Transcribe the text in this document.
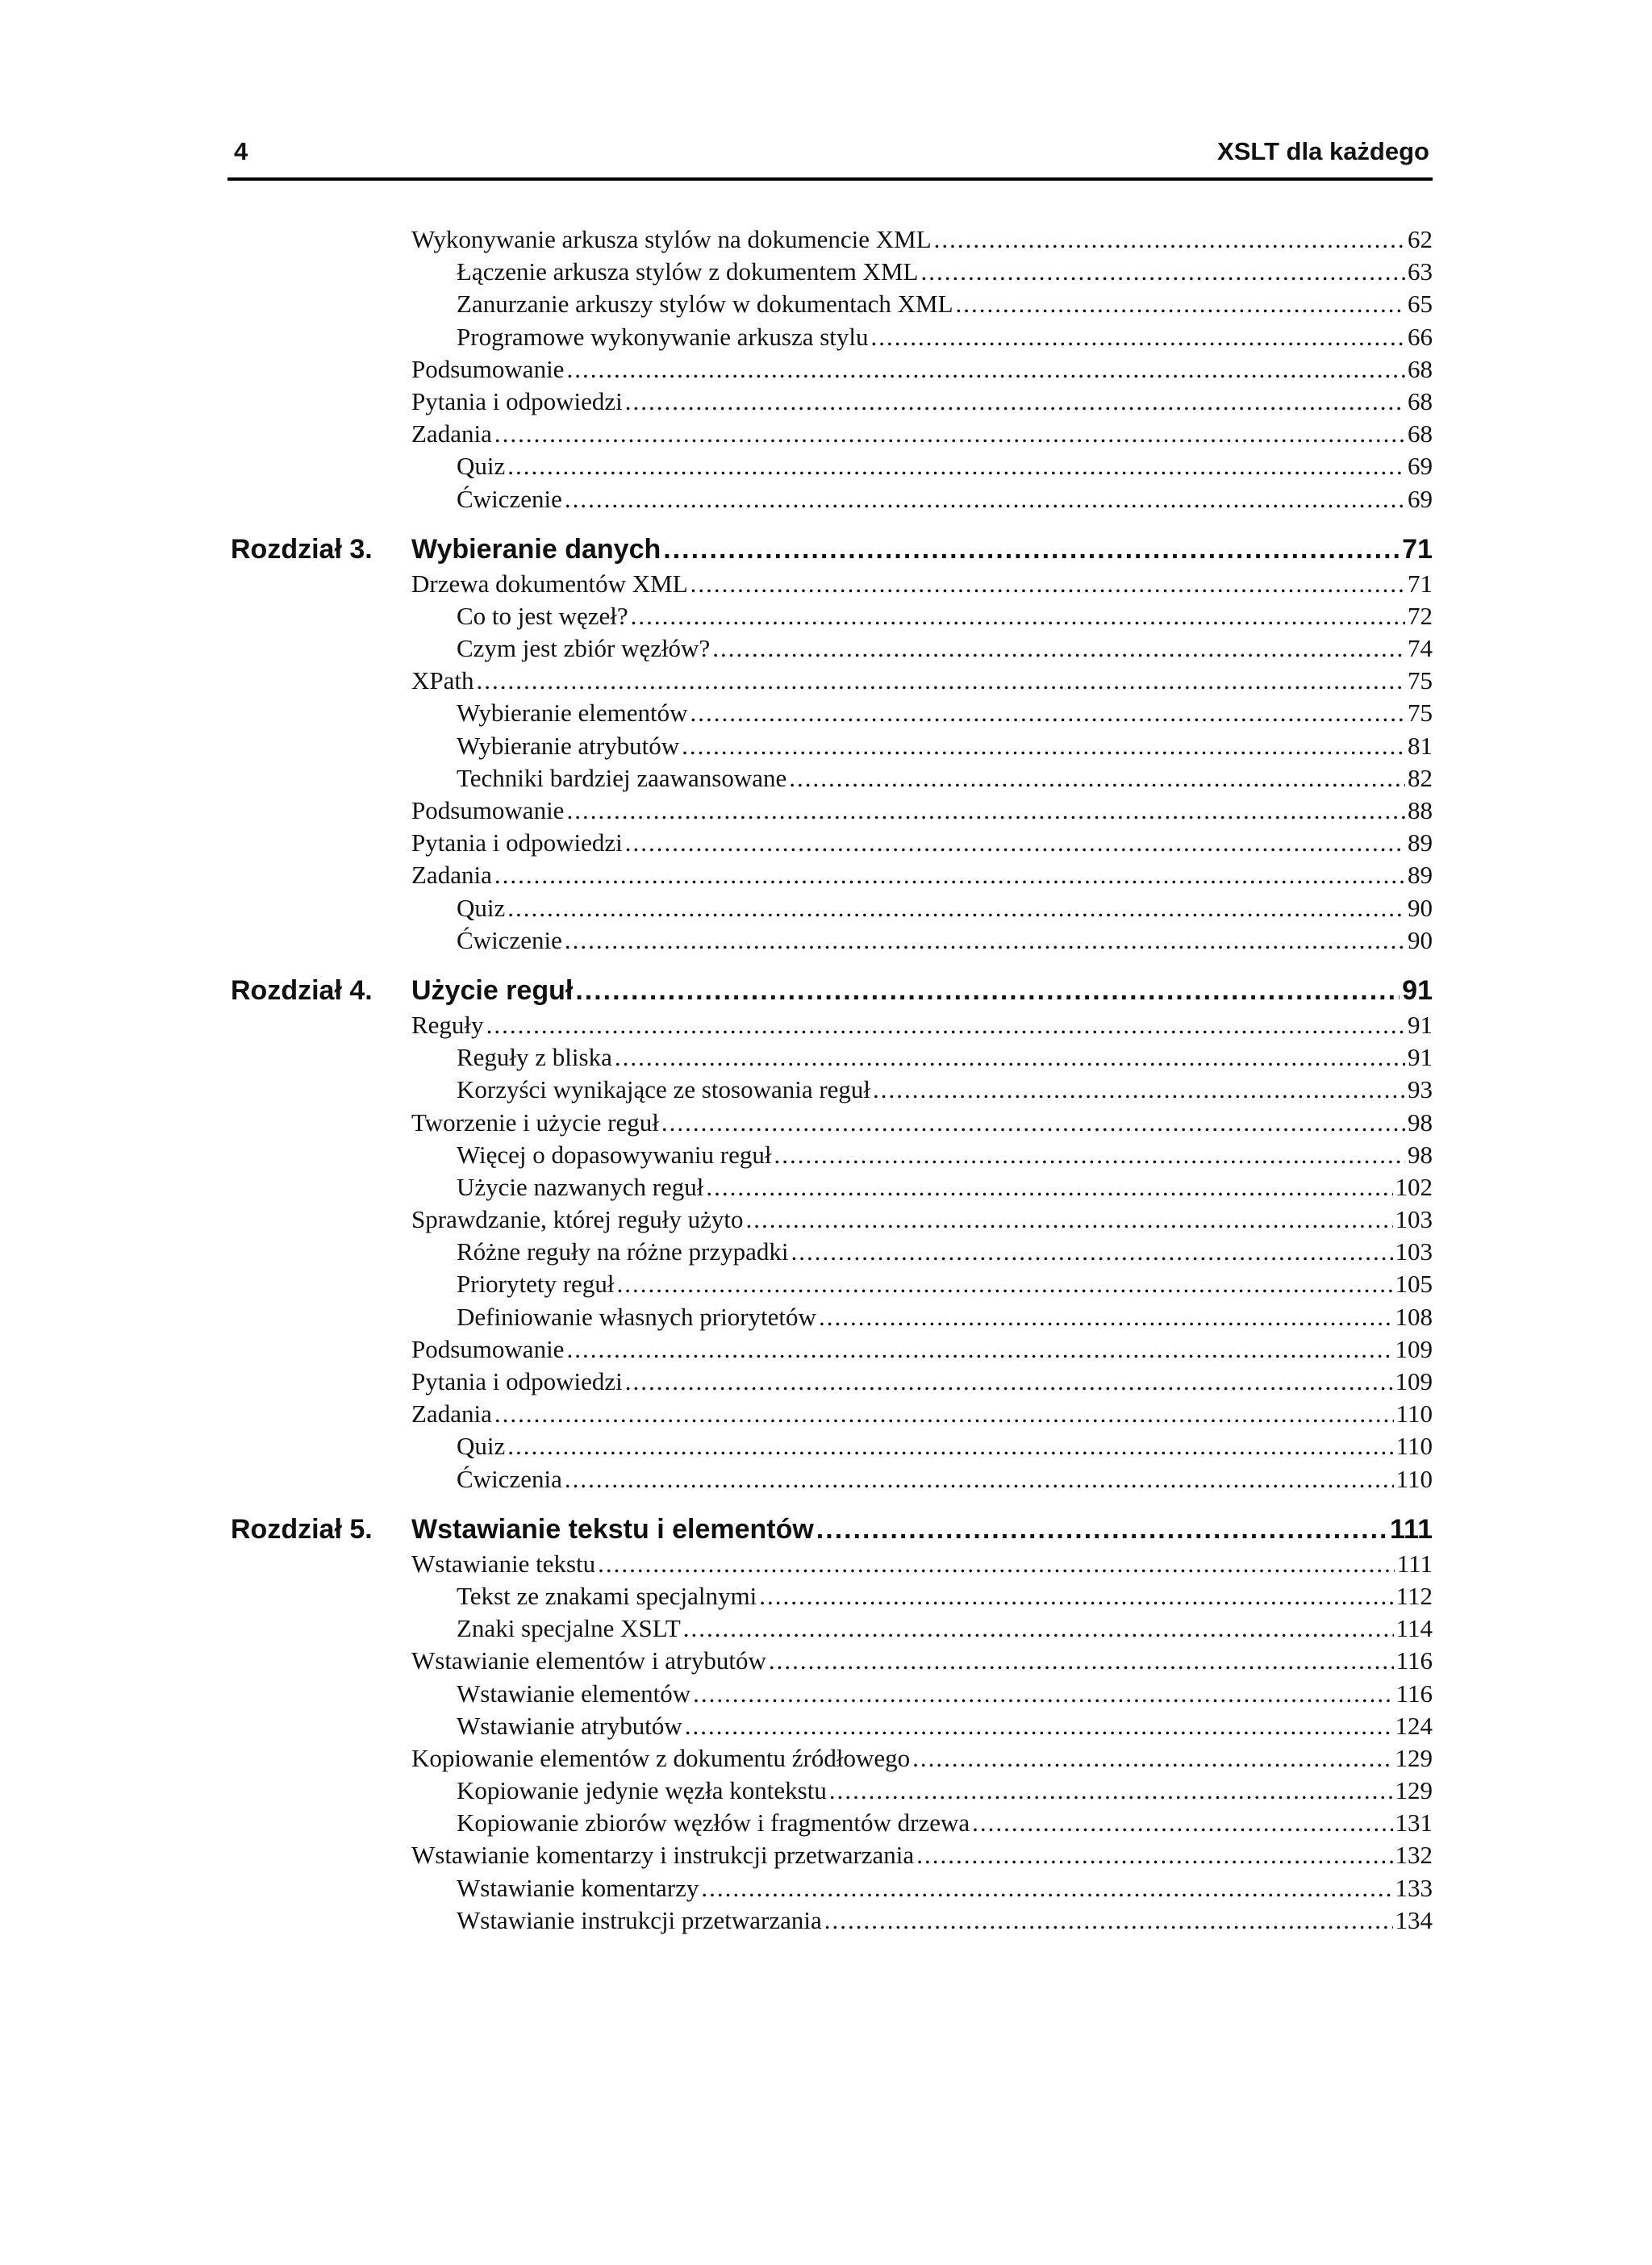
4	XSLT dla każdego
Wykonywanie arkusza stylów na dokumencie XML .....	62
Łączenie arkusza stylów z dokumentem XML .....	63
Zanurzanie arkuszy stylów w dokumentach XML .....	65
Programowe wykonywanie arkusza stylu .....	66
Podsumowanie .....	68
Pytania i odpowiedzi .....	68
Zadania .....	68
Quiz .....	69
Ćwiczenie .....	69
Rozdział 3. Wybieranie danych .....	71
Drzewa dokumentów XML .....	71
Co to jest węzeł? .....	72
Czym jest zbiór węzłów? .....	74
XPath .....	75
Wybieranie elementów .....	75
Wybieranie atrybutów .....	81
Techniki bardziej zaawansowane .....	82
Podsumowanie .....	88
Pytania i odpowiedzi .....	89
Zadania .....	89
Quiz .....	90
Ćwiczenie .....	90
Rozdział 4. Użycie reguł .....	91
Reguły .....	91
Reguły z bliska .....	91
Korzyści wynikające ze stosowania reguł .....	93
Tworzenie i użycie reguł .....	98
Więcej o dopasowywaniu reguł .....	98
Użycie nazwanych reguł .....	102
Sprawdzanie, której reguły użyto .....	103
Różne reguły na różne przypadki .....	103
Priorytety reguł .....	105
Definiowanie własnych priorytetów .....	108
Podsumowanie .....	109
Pytania i odpowiedzi .....	109
Zadania .....	110
Quiz .....	110
Ćwiczenia .....	110
Rozdział 5. Wstawianie tekstu i elementów .....	111
Wstawianie tekstu .....	111
Tekst ze znakami specjalnymi .....	112
Znaki specjalne XSLT .....	114
Wstawianie elementów i atrybutów .....	116
Wstawianie elementów .....	116
Wstawianie atrybutów .....	124
Kopiowanie elementów z dokumentu źródłowego .....	129
Kopiowanie jedynie węzła kontekstu .....	129
Kopiowanie zbiorów węzłów i fragmentów drzewa .....	131
Wstawianie komentarzy i instrukcji przetwarzania .....	132
Wstawianie komentarzy .....	133
Wstawianie instrukcji przetwarzania .....	134
